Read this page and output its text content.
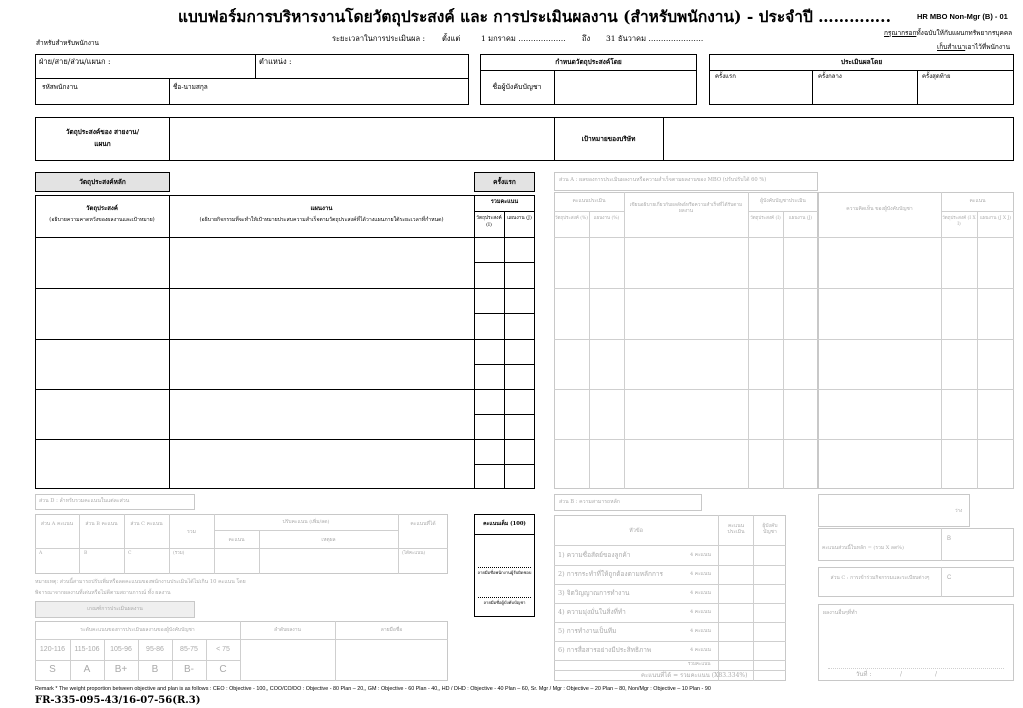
แบบฟอร์มการบริหารงานโดยวัตถุประสงค์ และ การประเมินผลงาน (สำหรับพนักงาน) - ประจำปี …………..	HR MBO Non-Mgr (B) - 01
กรุณากรอกทั้งฉบับให้กับแผนกทรัพยากรบุคคล
เก็บสำเนาเอาไว้ที่พนักงาน
สำหรับสำหรับพนักงาน	ระยะเวลาในการประเมินผล : ตั้งแต่	1 มกราคม ………………. ถึง 31 ธันวาคม ………………….
ฝ่าย/สาย/ส่วน/แผนก :	ตำแหน่ง :
รหัสพนักงาน	ชื่อ-นามสกุล
กำหนดวัตถุประสงค์โดย
ชื่อผู้บังคับบัญชา
ประเมินผลโดย
ครั้งแรก	ครั้งกลาง	ครั้งสุดท้าย
วัตถุประสงค์ของ สายงาน/แผนก
เป้าหมายของบริษัท
วัตถุประสงค์หลัก	ครั้งแรก
วัตถุประสงค์
(อธิบายความคาดหวังของผลงานและเป้าหมาย)
แผนงาน
(อธิบายกิจกรรมที่จะทำให้เป้าหมายประสบความสำเร็จตามวัตถุประสงค์ที่ได้วางแผนภายใต้ระยะเวลาที่กำหนด)
รวมคะแนน
วัตถุประสงค์ (I)
แผนงาน (J)
ส่วน A : ผลของการประเมินผลงานหรือความสำเร็จตามผลงานของ MBO (ปรับปรับได้ 60 %)
คะแนนประเมิน
เขียนอธิบายเกี่ยวกับผลลัพธ์หรือความสำเร็จที่ได้รับตามผลงาน
ผู้บังคับบัญชาประเมิน
วัตถุประสงค์ (%)	แผนงาน (%)	วัตถุประสงค์ (I)	แผนงาน (J)
ความคิดเห็น ของผู้บังคับบัญชา
คะแนน
วัตถุประสงค์ (I X I)
แผนงาน (J X J)
ส่วน D : ลำหรับรวมคะแนนในแต่ละส่วน
ส่วน A คะแนน	ส่วน B คะแนน	ส่วน C คะแนน
รวม
ปรับคะแนน (เพิ่ม/ลด)
คะแนน	เหตุผล
คะแนนที่ได้
A	B	C	(รวม)	(ได้คะแนน)
หมายเหตุ: ส่วนนี้สามารถปรับเพิ่มหรือลดคะแนนของพนักงานประเมินได้ไม่เกิน 10 คะแนน โดย
พิจารณาจากผลงานที่เด่นหรือไม่ดีตามสถานการณ์ ทั้ง ผลงาน
เกณฑ์การประเมินผลงาน
ระดับคะแนนของการประเมินผลงานของผู้บังคับบัญชา	ลำดับผลงาน	ลายมือชื่อ
120-116	115-106	105-96	95-86	85-75	< 75
S	A	B+	B	B-	C
คะแนนเต็ม (100)
ลายมือชื่อพนักงานผู้รับผิดชอบ
ลายมือชื่อผู้บังคับบัญชา
ส่วน B : ความสามารถหลัก
หัวข้อ
คะแนน ประเมิน
ผู้บังคับ บัญชา
1) ความซื่อสัตย์ของลูกค้า	4 คะแนน
2) การกระทำที่ให้ถูกต้องตามหลักการ	4 คะแนน
3) จิตวิญญาณการทำงาน	4 คะแนน
4) ความมุ่งมั่นในสิ่งที่ทำ	4 คะแนน
5) การทำงานเป็นทีม	4 คะแนน
6) การสื่อสารอย่างมีประสิทธิภาพ	4 คะแนน
รวมคะแนน
คะแนนที่ได้ = รวมคะแนน (X83.334%)
ว่าง
คะแนนส่วนนี้ในหลัก = (รวม X ลด%)
B
ส่วน C : การเข้าร่วมกิจกรรมและระเบียบต่างๆ	C
ผลงานอื่นๆที่ทำ
วันที่ :	/	/
Remark * The weight proportion between objective and plan is as follows : CEO : Objective - 100,, COO/CO/DO : Objective - 80 Plan – 20,, GM : Objective - 60 Plan - 40,, HD / DHD : Objective - 40 Plan – 60, Sr. Mgr / Mgr : Objective – 20 Plan – 80, Non/Mgr : Objective – 10 Plan - 90
FR-335-095-43/16-07-56(R.3)
